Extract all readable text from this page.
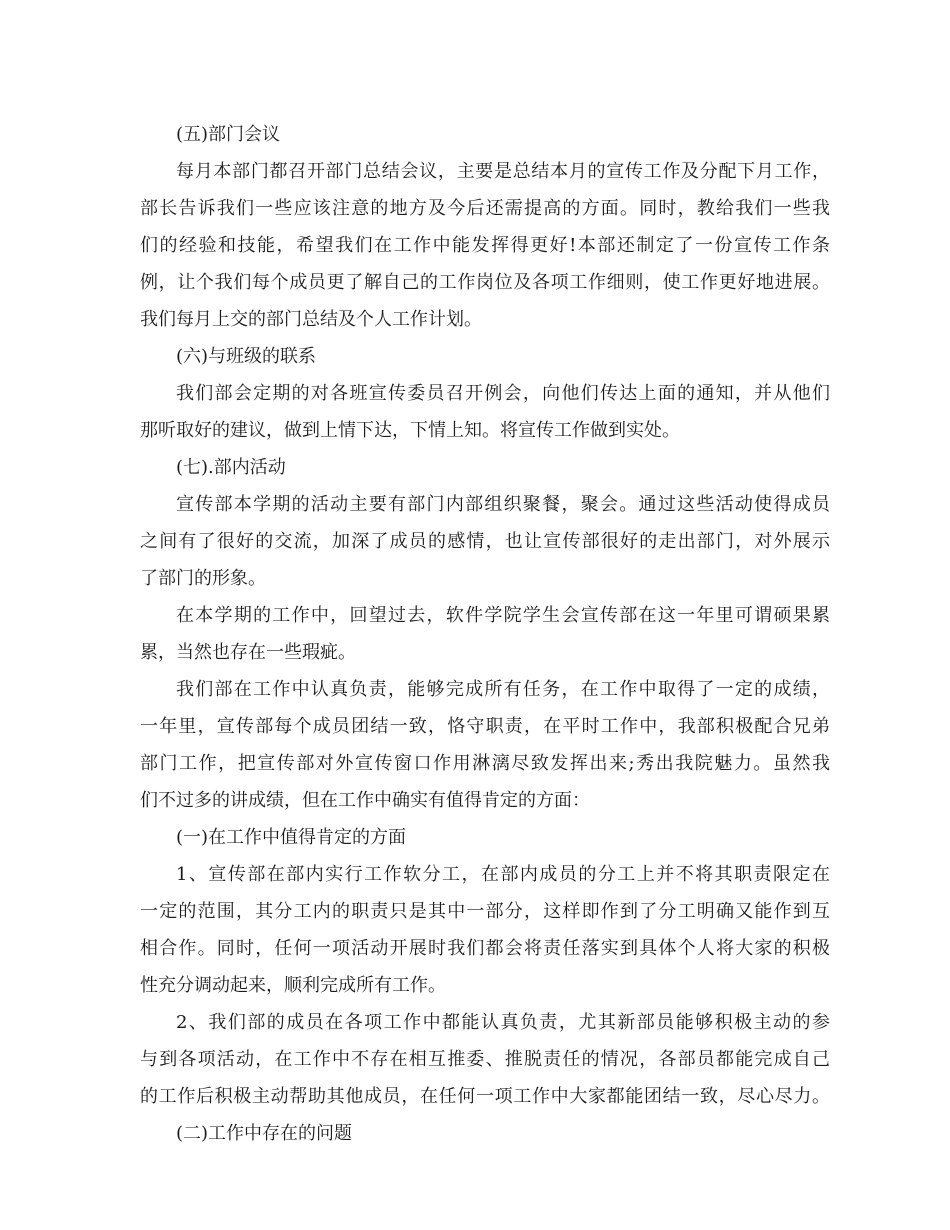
(五)部门会议
每月本部门都召开部门总结会议，主要是总结本月的宣传工作及分配下月工作，
部长告诉我们一些应该注意的地方及今后还需提高的方面。同时，教给我们一些我
们的经验和技能，希望我们在工作中能发挥得更好!本部还制定了一份宣传工作条
例，让个我们每个成员更了解自己的工作岗位及各项工作细则，使工作更好地进展。
我们每月上交的部门总结及个人工作计划。
(六)与班级的联系
我们部会定期的对各班宣传委员召开例会，向他们传达上面的通知，并从他们
那听取好的建议，做到上情下达，下情上知。将宣传工作做到实处。
(七).部内活动
宣传部本学期的活动主要有部门内部组织聚餐，聚会。通过这些活动使得成员
之间有了很好的交流，加深了成员的感情，也让宣传部很好的走出部门，对外展示
了部门的形象。
在本学期的工作中，回望过去，软件学院学生会宣传部在这一年里可谓硕果累
累，当然也存在一些瑕疵。
我们部在工作中认真负责，能够完成所有任务，在工作中取得了一定的成绩，
一年里，宣传部每个成员团结一致，恪守职责，在平时工作中，我部积极配合兄弟
部门工作，把宣传部对外宣传窗口作用淋漓尽致发挥出来;秀出我院魅力。虽然我
们不过多的讲成绩，但在工作中确实有值得肯定的方面：
(一)在工作中值得肯定的方面
1、宣传部在部内实行工作软分工，在部内成员的分工上并不将其职责限定在
一定的范围，其分工内的职责只是其中一部分，这样即作到了分工明确又能作到互
相合作。同时，任何一项活动开展时我们都会将责任落实到具体个人将大家的积极
性充分调动起来，顺利完成所有工作。
2、我们部的成员在各项工作中都能认真负责，尤其新部员能够积极主动的参
与到各项活动，在工作中不存在相互推委、推脱责任的情况，各部员都能完成自己
的工作后积极主动帮助其他成员，在任何一项工作中大家都能团结一致，尽心尽力。
(二)工作中存在的问题
